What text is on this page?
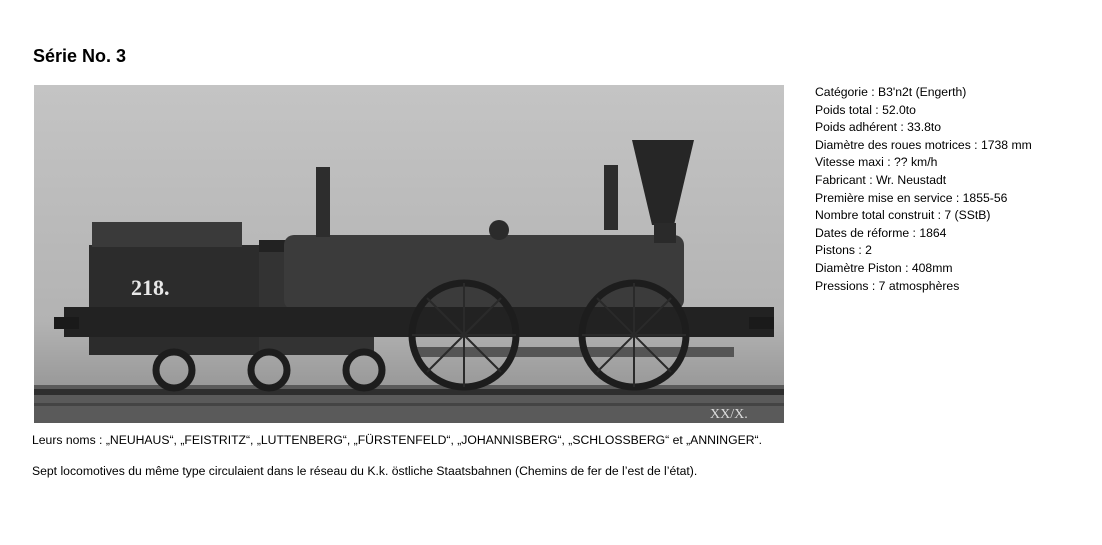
Série No. 3
218.
XX/X.
Catégorie : B3'n2t (Engerth)
Poids total : 52.0to
Poids adhérent : 33.8to
Diamètre des roues motrices : 1738 mm
Vitesse maxi : ?? km/h
Fabricant : Wr. Neustadt
Première mise en service : 1855-56
Nombre total construit : 7 (SStB)
Dates de réforme : 1864
Pistons : 2
Diamètre Piston : 408mm
Pressions : 7 atmosphères
Leurs noms : „NEUHAUS“, „FEISTRITZ“, „LUTTENBERG“, „FÜRSTENFELD“, „JOHANNISBERG“, „SCHLOSSBERG“ et „ANNINGER“.
Sept locomotives du même type circulaient dans le réseau du K.k. östliche Staatsbahnen (Chemins de fer de l’est de l’état).
